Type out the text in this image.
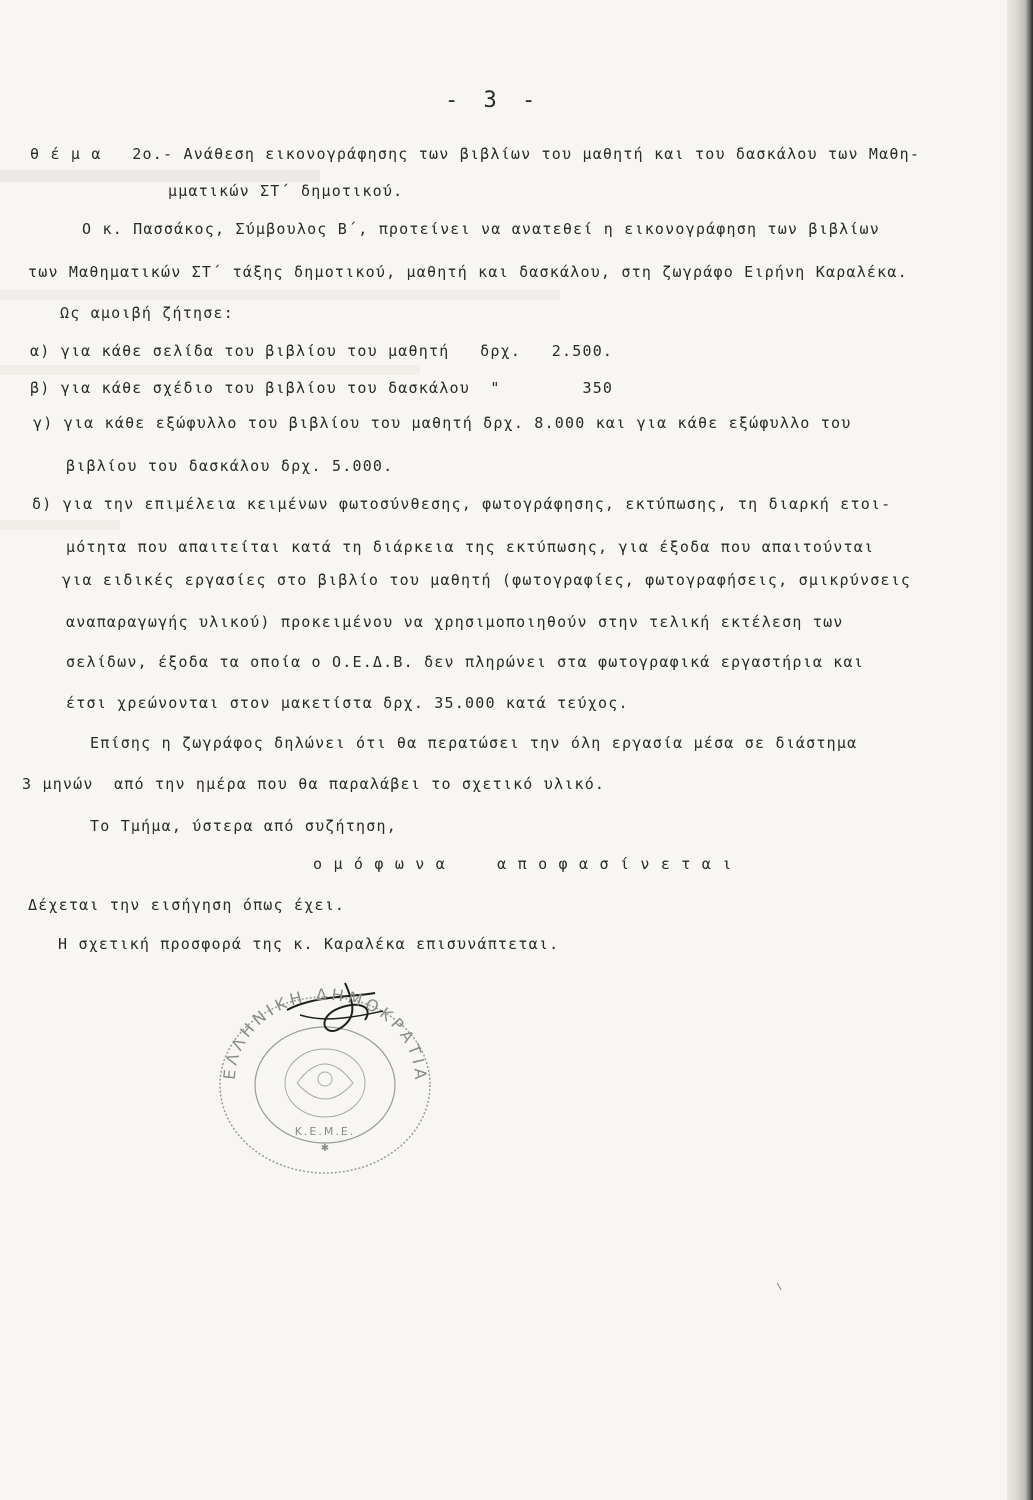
- 3 -
θ έ μ α   2ο.- Ανάθεση εικονογράφησης των βιβλίων του μαθητή και του δασκάλου των Μαθη-
μματικών ΣΤ΄ δημοτικού.
Ο κ. Πασσάκος, Σύμβουλος Β΄, προτείνει να ανατεθεί η εικονογράφηση των βιβλίων
των Μαθηματικών ΣΤ΄ τάξης δημοτικού, μαθητή και δασκάλου, στη ζωγράφο Ειρήνη Καραλέκα.
Ως αμοιβή ζήτησε:
α) για κάθε σελίδα του βιβλίου του μαθητή   δρχ.   2.500.
β) για κάθε σχέδιο του βιβλίου του δασκάλου  "        350
γ) για κάθε εξώφυλλο του βιβλίου του μαθητή δρχ. 8.000 και για κάθε εξώφυλλο του
βιβλίου του δασκάλου δρχ. 5.000.
δ) για την επιμέλεια κειμένων φωτοσύνθεσης, φωτογράφησης, εκτύπωσης, τη διαρκή ετοι-
μότητα που απαιτείται κατά τη διάρκεια της εκτύπωσης, για έξοδα που απαιτούνται
για ειδικές εργασίες στο βιβλίο του μαθητή (φωτογραφίες, φωτογραφήσεις, σμικρύνσεις
αναπαραγωγής υλικού) προκειμένου να χρησιμοποιηθούν στην τελική εκτέλεση των
σελίδων, έξοδα τα οποία ο Ο.Ε.Δ.Β. δεν πληρώνει στα φωτογραφικά εργαστήρια και
έτσι χρεώνονται στον μακετίστα δρχ. 35.000 κατά τεύχος.
Επίσης η ζωγράφος δηλώνει ότι θα περατώσει την όλη εργασία μέσα σε διάστημα
3 μηνών  από την ημέρα που θα παραλάβει το σχετικό υλικό.
Το Τμήμα, ύστερα από συζήτηση,
ο μ ό φ ω ν α     α π ο φ α σ ί ν ε τ α ι
Δέχεται την εισήγηση όπως έχει.
Η σχετική προσφορά της κ. Καραλέκα επισυνάπτεται.
ΕΛΛΗΝΙΚΗ ΔΗΜΟΚΡΑΤΙΑ
Κ.Ε.Μ.Ε.
✱
